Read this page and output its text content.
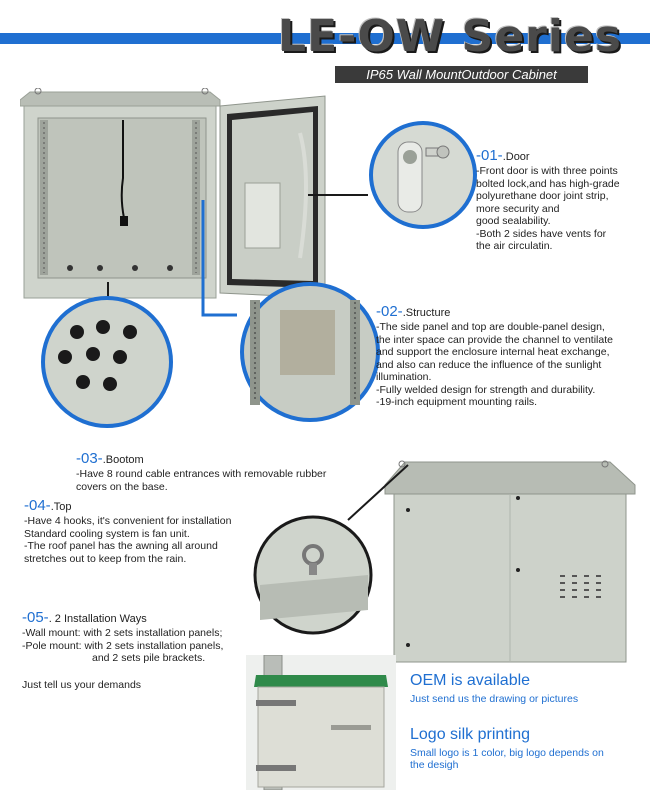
LE-OW Series
IP65 Wall MountOutdoor Cabinet
-01-.Door
-Front door is with three points
bolted lock,and has high-grade
polyurethane door joint strip,
more security and
good sealability.
-Both 2 sides have vents for
the air circulatin.
-02-.Structure
-The side panel and top are double-panel design,
the inter space can provide the channel to ventilate
and support the enclosure internal heat exchange,
and also can reduce the influence of the sunlight
illumination.
-Fully welded design for strength and durability.
-19-inch equipment mounting rails.
-03-.Bootom
-Have 8 round cable entrances with removable rubber
covers on the base.
-04-.Top
-Have 4 hooks, it's convenient for installation
Standard cooling system is fan unit.
-The roof panel has the awning all around
stretches out to keep from the rain.
-05-. 2 Installation Ways
-Wall mount: with 2 sets installation panels;
-Pole mount: with 2 sets installation panels,
and 2 sets pile brackets.
Just tell us your demands	OEM is available
Just send us the drawing or pictures
Logo silk printing
Small logo is 1 color, big logo depends on
the desigh
